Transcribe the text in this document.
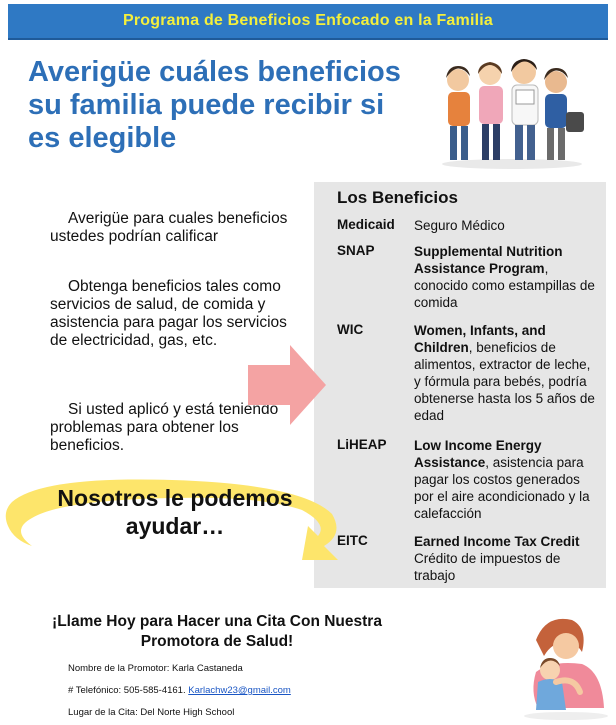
Programa de Beneficios Enfocado en la Familia
Averigüe cuáles beneficios su familia puede recibir si es elegible
Averigüe para cuales beneficios ustedes podrían calificar
Obtenga beneficios tales como servicios de salud, de comida y asistencia para pagar los servicios de electricidad, gas, etc.
Si usted aplicó y está teniendo problemas para obtener los beneficios.
Los Beneficios
Medicaid Seguro Médico
SNAP	Supplemental Nutrition Assistance Program, conocido como estampillas de comida
WIC	Women, Infants, and Children, beneficios de alimentos, extractor de leche, y fórmula para bebés, podría obtenerse hasta los 5 años de edad
LiHEAP Low Income Energy Assistance, asistencia para pagar los costos generados por el aire acondicionado y la calefacción
EITC	Earned Income Tax Credit
Crédito de impuestos de trabajo
Nosotros le podemos ayudar…
¡Llame Hoy para Hacer una Cita Con Nuestra Promotora de Salud!
Nombre de la Promotor: Karla Castaneda
# Telefónico: 505-585-4161. Karlachw23@gmail.com
Lugar de la Cita: Del Norte High School
